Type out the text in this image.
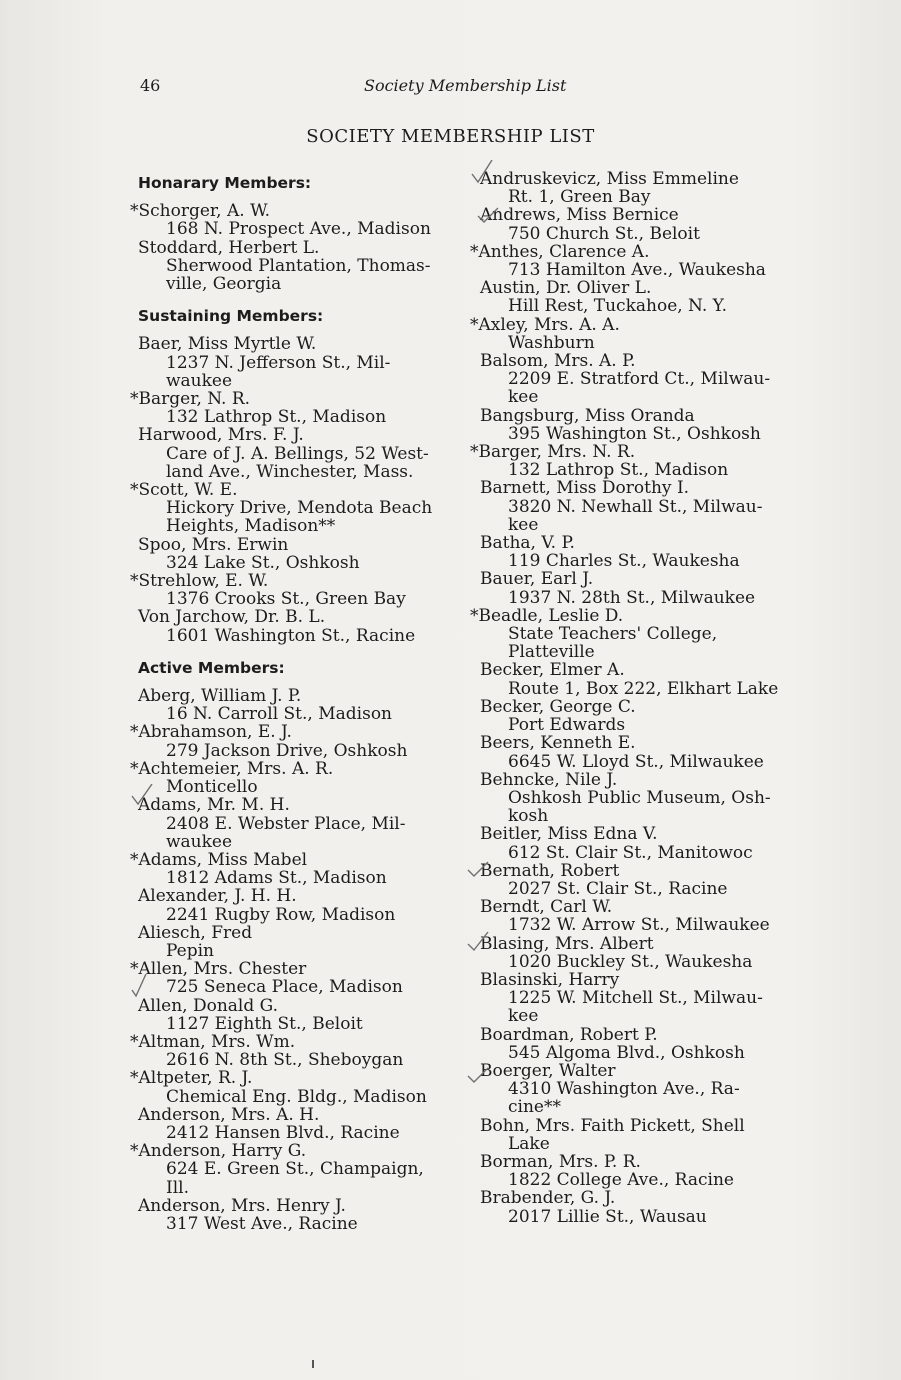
46	Society Membership List
SOCIETY MEMBERSHIP LIST
Honarary Members:
*Schorger, A. W.
168 N. Prospect Ave., Madison
Stoddard, Herbert L.
Sherwood Plantation, Thomas-
ville, Georgia
Sustaining Members:
Baer, Miss Myrtle W.
1237 N. Jefferson St., Mil-
waukee
*Barger, N. R.
132 Lathrop St., Madison
Harwood, Mrs. F. J.
Care of J. A. Bellings, 52 West-
land Ave., Winchester, Mass.
*Scott, W. E.
Hickory Drive, Mendota Beach
Heights, Madison**
Spoo, Mrs. Erwin
324 Lake St., Oshkosh
*Strehlow, E. W.
1376 Crooks St., Green Bay
Von Jarchow, Dr. B. L.
1601 Washington St., Racine
Active Members:
Aberg, William J. P.
16 N. Carroll St., Madison
*Abrahamson, E. J.
279 Jackson Drive, Oshkosh
*Achtemeier, Mrs. A. R.
Monticello
Adams, Mr. M. H.
2408 E. Webster Place, Mil-
waukee
*Adams, Miss Mabel
1812 Adams St., Madison
Alexander, J. H. H.
2241 Rugby Row, Madison
Aliesch, Fred
Pepin
*Allen, Mrs. Chester
725 Seneca Place, Madison
Allen, Donald G.
1127 Eighth St., Beloit
*Altman, Mrs. Wm.
2616 N. 8th St., Sheboygan
*Altpeter, R. J.
Chemical Eng. Bldg., Madison
Anderson, Mrs. A. H.
2412 Hansen Blvd., Racine
*Anderson, Harry G.
624 E. Green St., Champaign,
Ill.
Anderson, Mrs. Henry J.
317 West Ave., Racine
Andruskevicz, Miss Emmeline
Rt. 1, Green Bay
Andrews, Miss Bernice
750 Church St., Beloit
*Anthes, Clarence A.
713 Hamilton Ave., Waukesha
Austin, Dr. Oliver L.
Hill Rest, Tuckahoe, N. Y.
*Axley, Mrs. A. A.
Washburn
Balsom, Mrs. A. P.
2209 E. Stratford Ct., Milwau-
kee
Bangsburg, Miss Oranda
395 Washington St., Oshkosh
*Barger, Mrs. N. R.
132 Lathrop St., Madison
Barnett, Miss Dorothy I.
3820 N. Newhall St., Milwau-
kee
Batha, V. P.
119 Charles St., Waukesha
Bauer, Earl J.
1937 N. 28th St., Milwaukee
*Beadle, Leslie D.
State Teachers' College,
Platteville
Becker, Elmer A.
Route 1, Box 222, Elkhart Lake
Becker, George C.
Port Edwards
Beers, Kenneth E.
6645 W. Lloyd St., Milwaukee
Behncke, Nile J.
Oshkosh Public Museum, Osh-
kosh
Beitler, Miss Edna V.
612 St. Clair St., Manitowoc
Bernath, Robert
2027 St. Clair St., Racine
Berndt, Carl W.
1732 W. Arrow St., Milwaukee
Blasing, Mrs. Albert
1020 Buckley St., Waukesha
Blasinski, Harry
1225 W. Mitchell St., Milwau-
kee
Boardman, Robert P.
545 Algoma Blvd., Oshkosh
Boerger, Walter
4310 Washington Ave., Ra-
cine**
Bohn, Mrs. Faith Pickett, Shell
Lake
Borman, Mrs. P. R.
1822 College Ave., Racine
Brabender, G. J.
2017 Lillie St., Wausau
